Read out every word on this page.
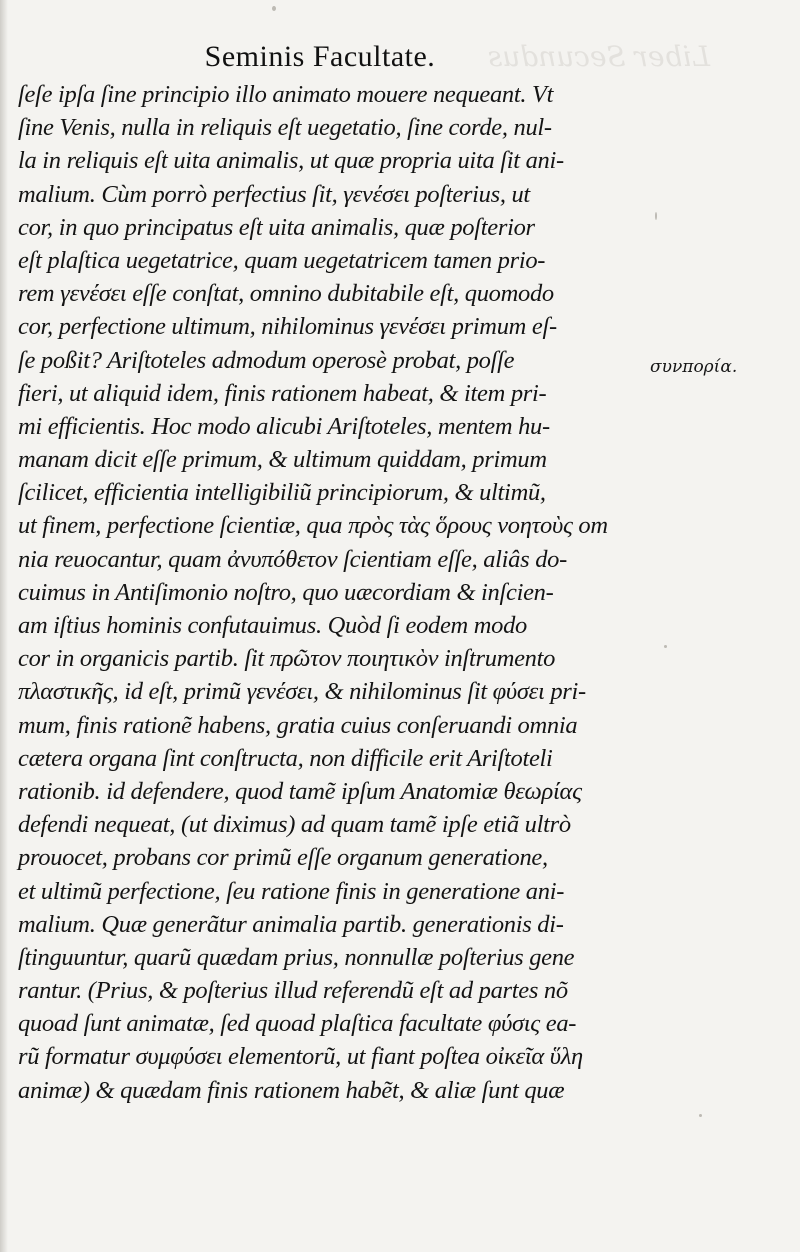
Liber Secundus
Seminis Facultate.
ſeſe ipſa ſine principio illo animato mouere nequeant. Vt
ſine Venis, nulla in reliquis eſt uegetatio, ſine corde, nul-
la in reliquis eſt uita animalis, ut quæ propria uita ſit ani-
malium. Cùm porrò perfectius ſit, γενέσει poſterius, ut
cor, in quo principatus eſt uita animalis, quæ poſterior
eſt plaſtica uegetatrice, quam uegetatricem tamen prio-
rem γενέσει eſſe conſtat, omnino dubitabile eſt, quomodo
cor, perfectione ultimum, nihilominus γενέσει primum eſ-
ſe poßit? Ariſtoteles admodum operosè probat, poſſe
fieri, ut aliquid idem, finis rationem habeat, & item pri-
mi efficientis. Hoc modo alicubi Ariſtoteles, mentem hu-
manam dicit eſſe primum, & ultimum quiddam, primum
ſcilicet, efficientia intelligibiliũ principiorum, & ultimũ,
ut finem, perfectione ſcientiæ, qua πρὸς τὰς ὅρους νοητοὺς om
nia reuocantur, quam ἀνυπόθετον ſcientiam eſſe, aliâs do-
cuimus in Antiſimonio noſtro, quo uæcordiam & inſcien-
am iſtius hominis confutauimus. Quòd ſi eodem modo
cor in organicis partib. ſit πρῶτον ποιητικὸν inſtrumento
πλαστικῆς, id eſt, primũ γενέσει, & nihilominus ſit φύσει pri-
mum, finis rationẽ habens, gratia cuius conſeruandi omnia
cætera organa ſint conſtructa, non difficile erit Ariſtoteli
rationib. id defendere, quod tamẽ ipſum Anatomiæ θεωρίας
defendi nequeat, (ut diximus) ad quam tamẽ ipſe etiã ultrò
prouocet, probans cor primũ eſſe organum generatione,
et ultimũ perfectione, ſeu ratione finis in generatione ani-
malium. Quæ generãtur animalia partib. generationis di-
ſtinguuntur, quarũ quædam prius, nonnullæ poſterius gene
rantur. (Prius, & poſterius illud referendũ eſt ad partes nõ
quoad ſunt animatæ, ſed quoad plaſtica facultate φύσις ea-
rũ formatur συμφύσει elementorũ, ut fiant poſtea οἰκεῖα ὕλη
animæ) & quædam finis rationem habẽt, & aliæ ſunt quæ
συνπορία.
